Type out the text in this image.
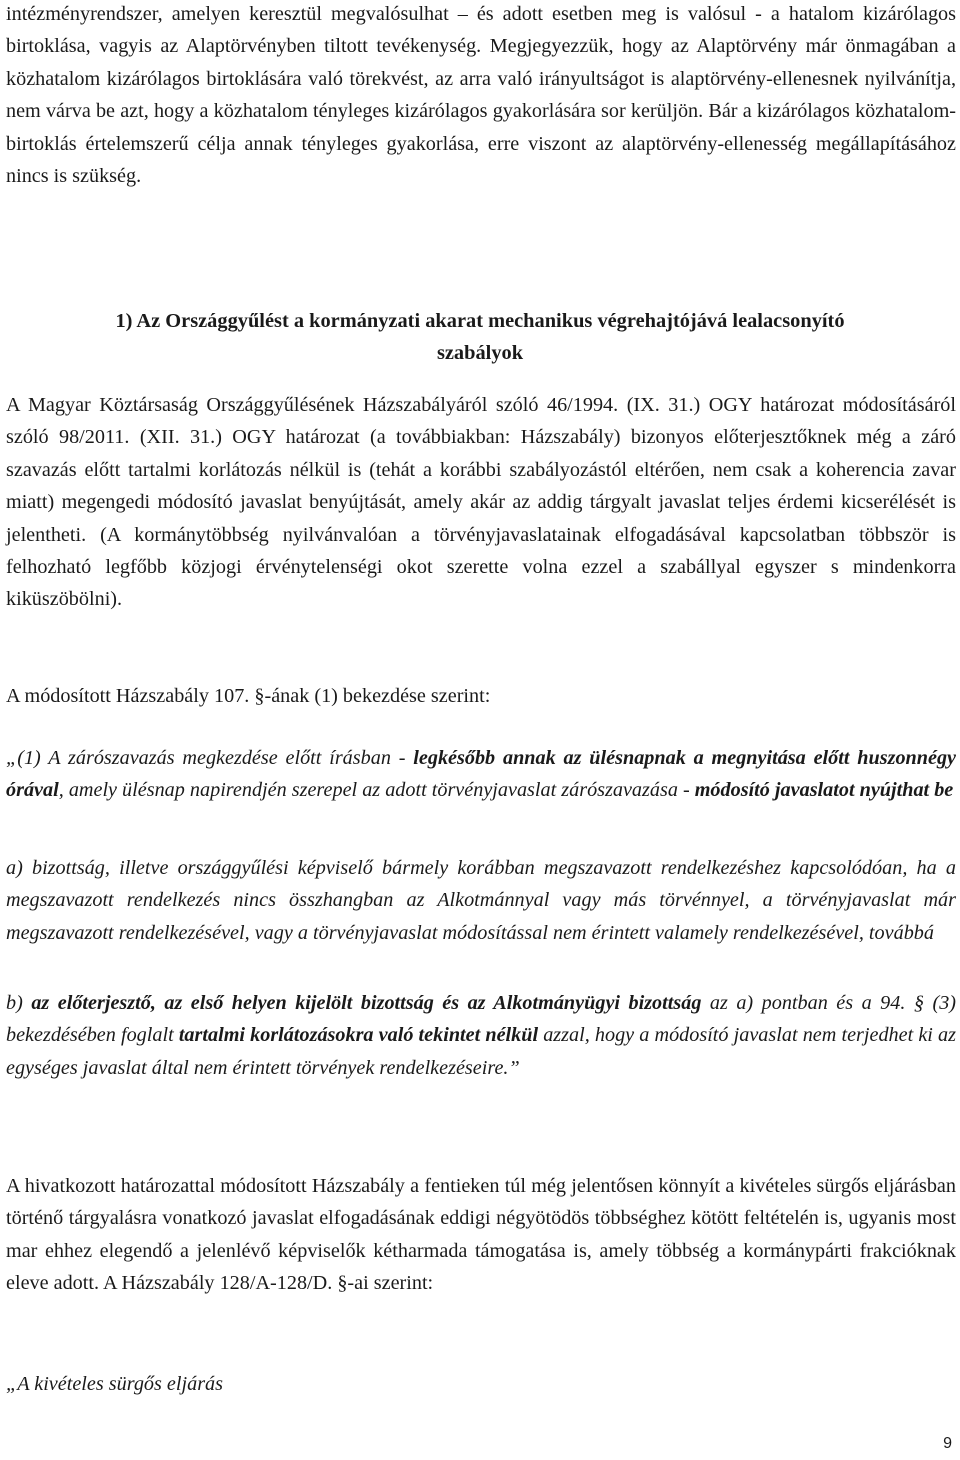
intézményrendszer, amelyen keresztül megvalósulhat – és adott esetben meg is valósul - a hatalom kizárólagos birtoklása, vagyis az Alaptörvényben tiltott tevékenység. Megjegyezzük, hogy az Alaptörvény már önmagában a közhatalom kizárólagos birtoklására való törekvést, az arra való irányultságot is alaptörvény-ellenesnek nyilvánítja, nem várva be azt, hogy a közhatalom tényleges kizárólagos gyakorlására sor kerüljön. Bár a kizárólagos közhatalom-birtoklás értelemszerű célja annak tényleges gyakorlása, erre viszont az alaptörvény-ellenesség megállapításához nincs is szükség.

1) Az Országgyűlést a kormányzati akarat mechanikus végrehajtójává lealacsonyító
szabályok

A Magyar Köztársaság Országgyűlésének Házszabályáról szóló 46/1994. (IX. 31.) OGY határozat módosításáról szóló 98/2011. (XII. 31.) OGY határozat (a továbbiakban: Házszabály) bizonyos előterjesztőknek még a záró szavazás előtt tartalmi korlátozás nélkül is (tehát a korábbi szabályozástól eltérően, nem csak a koherencia zavar miatt) megengedi módosító javaslat benyújtását, amely akár az addig tárgyalt javaslat teljes érdemi kicserélését is jelentheti. (A kormánytöbbség nyilvánvalóan a törvényjavaslatainak elfogadásával kapcsolatban többször is felhozható legfőbb közjogi érvénytelenségi okot szerette volna ezzel a szabállyal egyszer s mindenkorra kiküszöbölni).

A módosított Házszabály 107. §-ának (1) bekezdése szerint:

„(1) A zárószavazás megkezdése előtt írásban - legkésőbb annak az ülésnapnak a megnyitása előtt huszonnégy órával, amely ülésnap napirendjén szerepel az adott törvényjavaslat zárószavazása - módosító javaslatot nyújthat be

a) bizottság, illetve országgyűlési képviselő bármely korábban megszavazott rendelkezéshez kapcsolódóan, ha a megszavazott rendelkezés nincs összhangban az Alkotmánnyal vagy más törvénnyel, a törvényjavaslat már megszavazott rendelkezésével, vagy a törvényjavaslat módosítással nem érintett valamely rendelkezésével, továbbá

b) az előterjesztő, az első helyen kijelölt bizottság és az Alkotmányügyi bizottság az a) pontban és a 94. § (3) bekezdésében foglalt tartalmi korlátozásokra való tekintet nélkül azzal, hogy a módosító javaslat nem terjedhet ki az egységes javaslat által nem érintett törvények rendelkezéseire.”

A hivatkozott határozattal módosított Házszabály a fentieken túl még jelentősen könnyít a kivételes sürgős eljárásban történő tárgyalásra vonatkozó javaslat elfogadásának eddigi négyötödös többséghez kötött feltételén is, ugyanis most mar ehhez elegendő a jelenlévő képviselők kétharmada támogatása is, amely többség a kormánypárti frakcióknak eleve adott. A Házszabály 128/A-128/D. §-ai szerint:

„A kivételes sürgős eljárás

9
